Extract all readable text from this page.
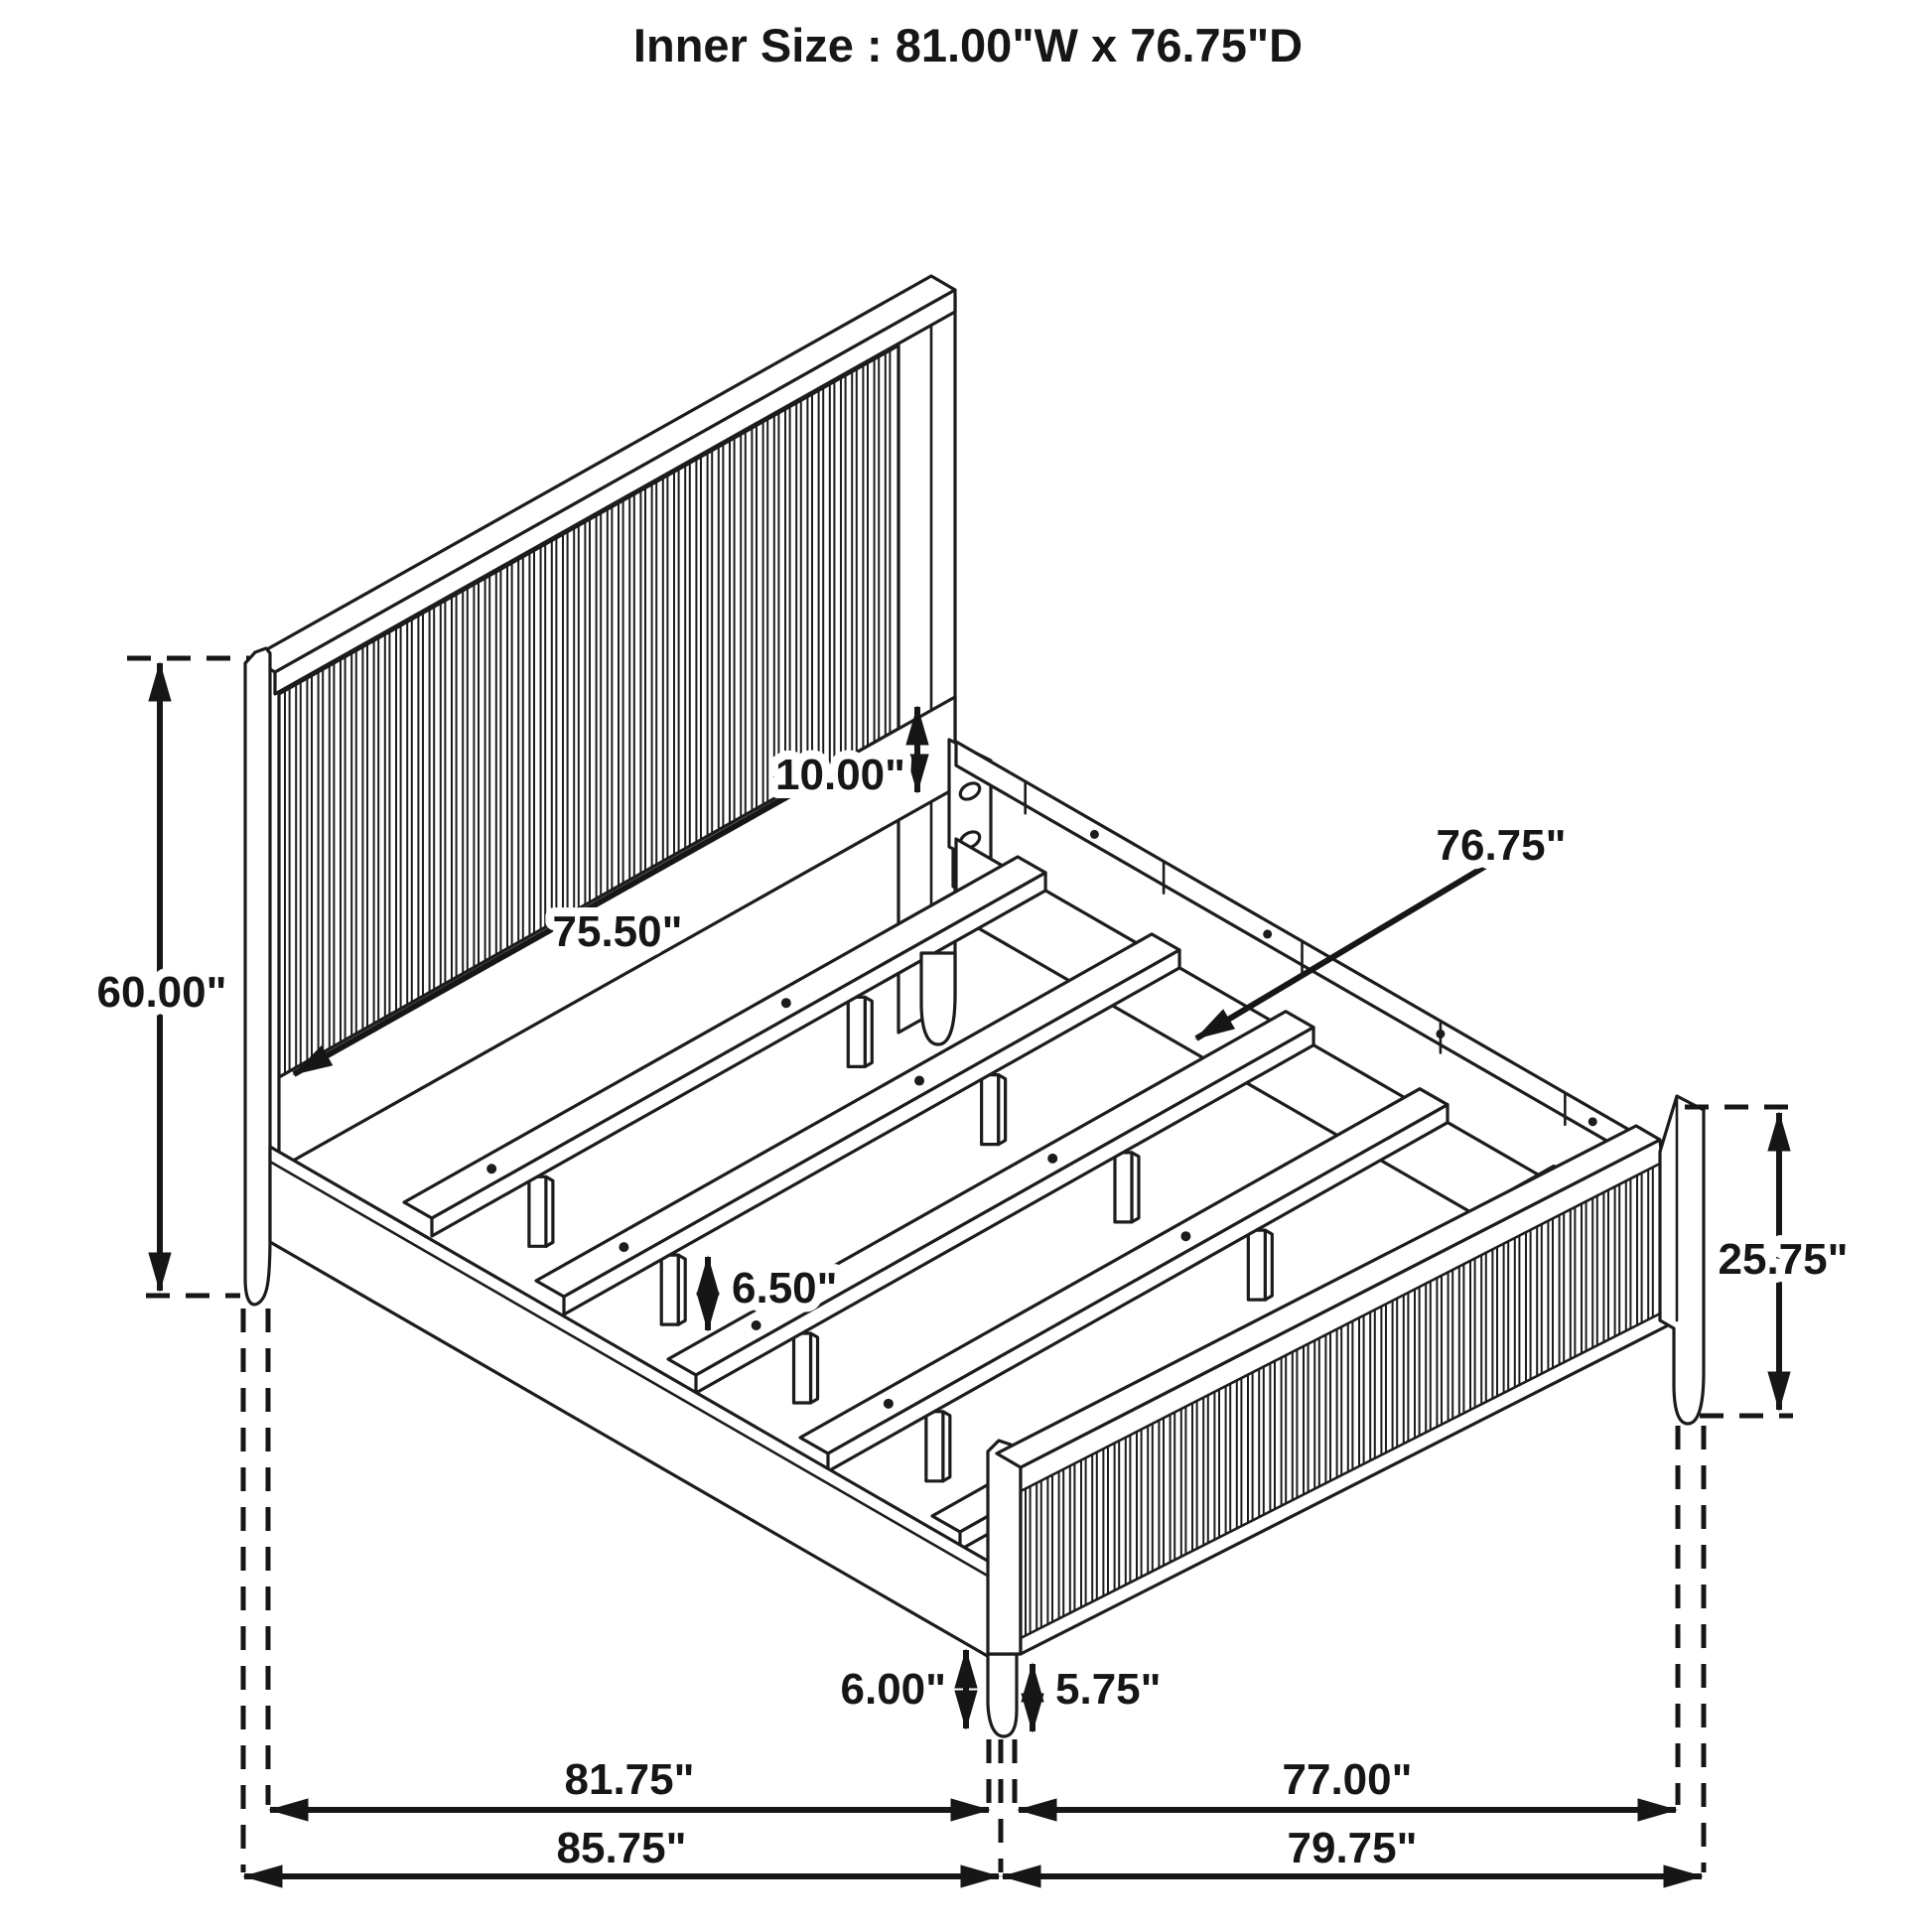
Inner Size : 81.00"W x 76.75"D
60.00"
75.50"
10.00"
76.75"
25.75"
6.50"
6.00"	5.75"
81.75"	77.00"
85.75"	79.75"
